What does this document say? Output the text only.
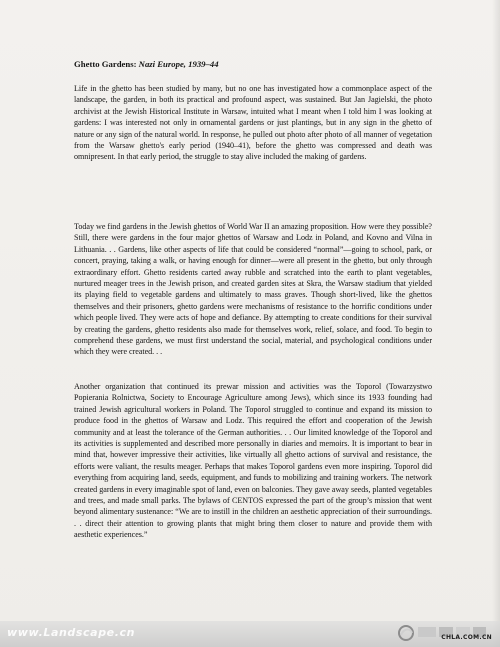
Ghetto Gardens: Nazi Europe, 1939–44
Life in the ghetto has been studied by many, but no one has investigated how a commonplace aspect of the landscape, the garden, in both its practical and profound aspect, was sustained. But Jan Jagielski, the photo archivist at the Jewish Historical Institute in Warsaw, intuited what I meant when I told him I was looking at gardens: I was interested not only in ornamental gardens or just plantings, but in any sign in the ghetto of nature or any sign of the natural world. In response, he pulled out photo after photo of all manner of vegetation from the Warsaw ghetto's early period (1940–41), before the ghetto was compressed and death was omnipresent. In that early period, the struggle to stay alive included the making of gardens.
Today we find gardens in the Jewish ghettos of World War II an amazing proposition. How were they possible? Still, there were gardens in the four major ghettos of Warsaw and Lodz in Poland, and Kovno and Vilna in Lithuania. . . Gardens, like other aspects of life that could be considered “normal”—going to school, park, or concert, praying, taking a walk, or having enough for dinner—were all present in the ghetto, but only through extraordinary effort. Ghetto residents carted away rubble and scratched into the earth to plant vegetables, nurtured meager trees in the Jewish prison, and created garden sites at Skra, the Warsaw stadium that yielded its playing field to vegetable gardens and ultimately to mass graves. Though short-lived, like the ghettos themselves and their prisoners, ghetto gardens were mechanisms of resistance to the horrific conditions under which people lived. They were acts of hope and defiance. By attempting to create conditions for their survival by creating the gardens, ghetto residents also made for themselves work, relief, solace, and food. To begin to comprehend these gardens, we must first understand the social, material, and psychological conditions under which they were created. . .
Another organization that continued its prewar mission and activities was the Toporol (Towarzystwo Popierania Rolnictwa, Society to Encourage Agriculture among Jews), which since its 1933 founding had trained Jewish agricultural workers in Poland. The Toporol struggled to continue and expand its mission to produce food in the ghettos of Warsaw and Lodz. This required the effort and cooperation of the Jewish community and at least the tolerance of the German authorities. . . Our limited knowledge of the Toporol and its activities is supplemented and described more personally in diaries and memoirs. It is important to bear in mind that, however impressive their activities, like virtually all ghetto actions of survival and resistance, the efforts were valiant, the results meager. Perhaps that makes Toporol gardens even more inspiring. Toporol did everything from acquiring land, seeds, equipment, and funds to mobilizing and training workers. The network created gardens in every imaginable spot of land, even on balconies. They gave away seeds, planted vegetables and trees, and made small parks. The bylaws of CENTOS expressed the part of the group’s mission that went beyond alimentary sustenance: “We are to instill in the children an aesthetic appreciation of their surroundings. . . direct their attention to growing plants that might bring them closer to nature and provide them with aesthetic experiences.”
www.Landscape.cn	CHLA.COM.CN
